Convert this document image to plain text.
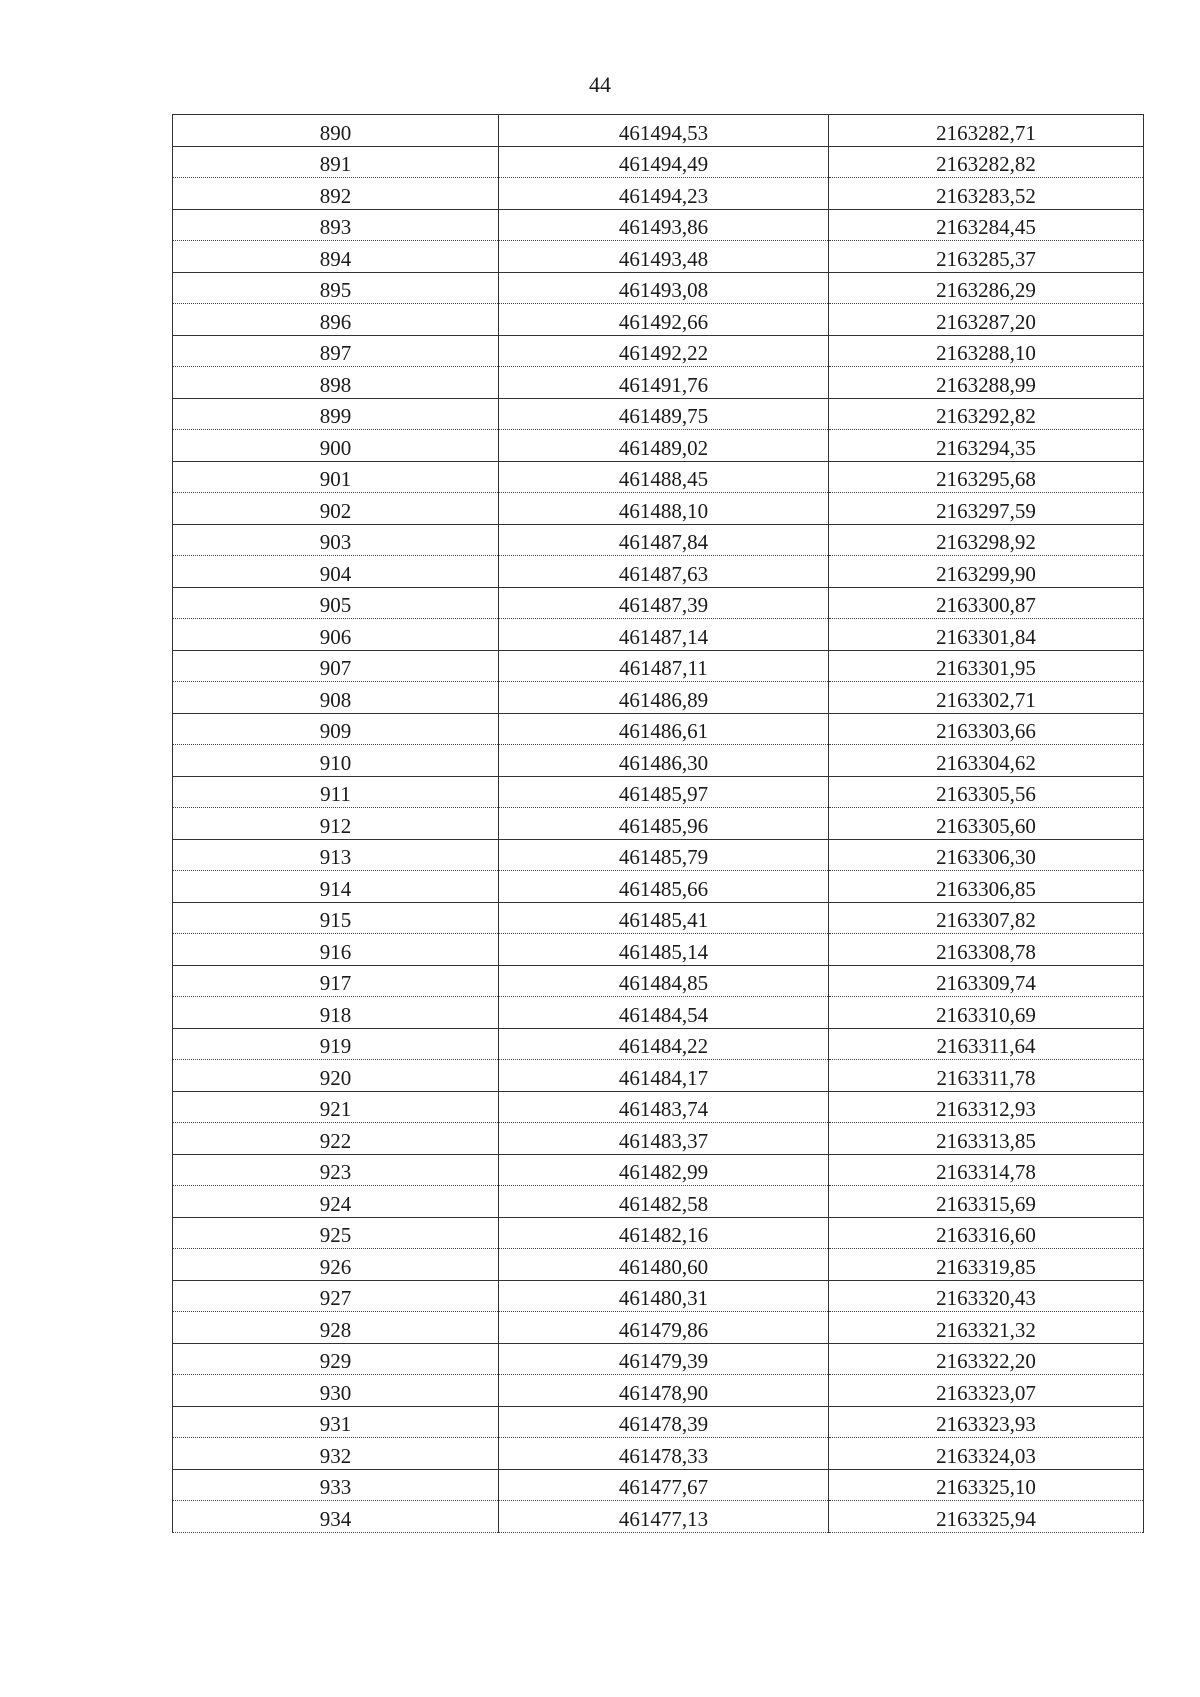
44
890	461494,53	2163282,71
891	461494,49	2163282,82
892	461494,23	2163283,52
893	461493,86	2163284,45
894	461493,48	2163285,37
895	461493,08	2163286,29
896	461492,66	2163287,20
897	461492,22	2163288,10
898	461491,76	2163288,99
899	461489,75	2163292,82
900	461489,02	2163294,35
901	461488,45	2163295,68
902	461488,10	2163297,59
903	461487,84	2163298,92
904	461487,63	2163299,90
905	461487,39	2163300,87
906	461487,14	2163301,84
907	461487,11	2163301,95
908	461486,89	2163302,71
909	461486,61	2163303,66
910	461486,30	2163304,62
911	461485,97	2163305,56
912	461485,96	2163305,60
913	461485,79	2163306,30
914	461485,66	2163306,85
915	461485,41	2163307,82
916	461485,14	2163308,78
917	461484,85	2163309,74
918	461484,54	2163310,69
919	461484,22	2163311,64
920	461484,17	2163311,78
921	461483,74	2163312,93
922	461483,37	2163313,85
923	461482,99	2163314,78
924	461482,58	2163315,69
925	461482,16	2163316,60
926	461480,60	2163319,85
927	461480,31	2163320,43
928	461479,86	2163321,32
929	461479,39	2163322,20
930	461478,90	2163323,07
931	461478,39	2163323,93
932	461478,33	2163324,03
933	461477,67	2163325,10
934	461477,13	2163325,94
